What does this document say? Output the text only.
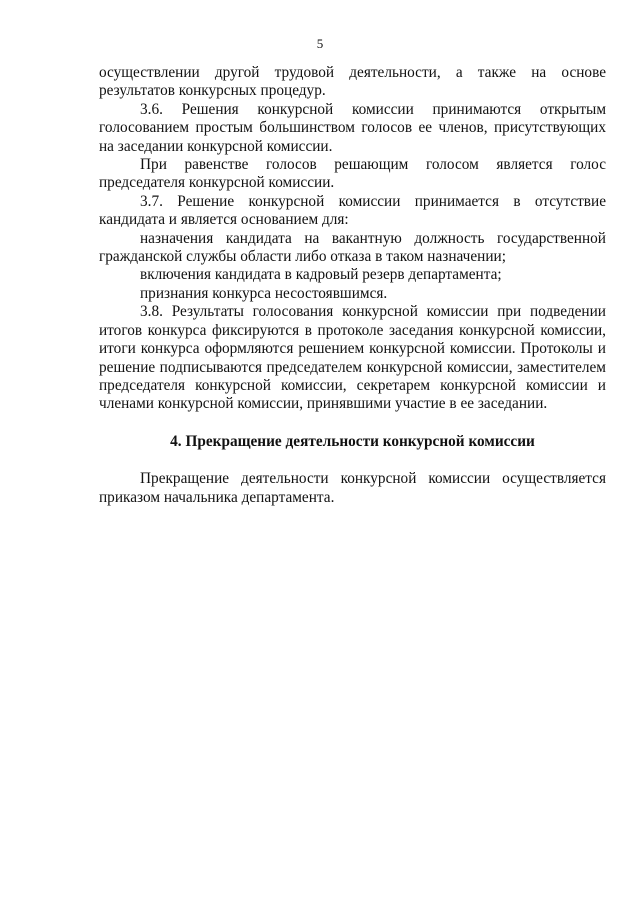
5

осуществлении другой трудовой деятельности, а также на основе результатов конкурсных процедур.

3.6. Решения конкурсной комиссии принимаются открытым голосованием простым большинством голосов ее членов, присутствующих на заседании конкурсной комиссии.

При равенстве голосов решающим голосом является голос председателя конкурсной комиссии.

3.7. Решение конкурсной комиссии принимается в отсутствие кандидата и является основанием для:

назначения кандидата на вакантную должность государственной гражданской службы области либо отказа в таком назначении;

включения кандидата в кадровый резерв департамента;

признания конкурса несостоявшимся.

3.8. Результаты голосования конкурсной комиссии при подведении итогов конкурса фиксируются в протоколе заседания конкурсной комиссии, итоги конкурса оформляются решением конкурсной комиссии. Протоколы и решение подписываются председателем конкурсной комиссии, заместителем председателя конкурсной комиссии, секретарем конкурсной комиссии и членами конкурсной комиссии, принявшими участие в ее заседании.

4. Прекращение деятельности конкурсной комиссии

Прекращение деятельности конкурсной комиссии осуществляется приказом начальника департамента.
